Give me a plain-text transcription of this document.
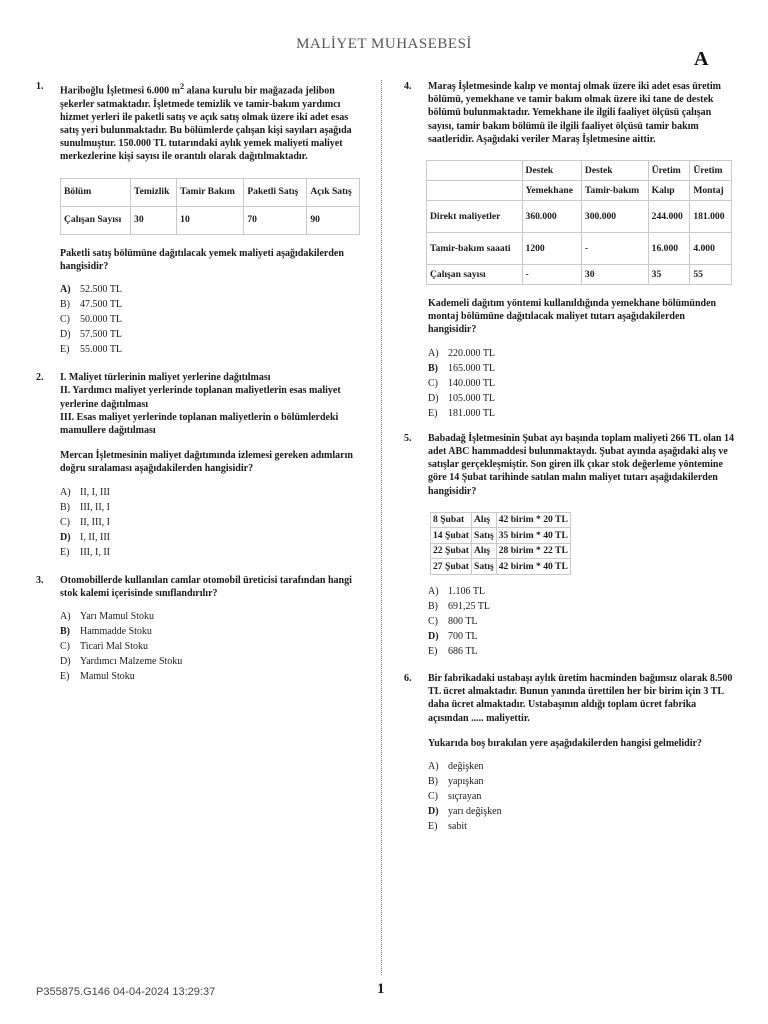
MALİYET MUHASEBESİ
A
1. Hariboğlu İşletmesi 6.000 $m^2$ alana kurulu bir mağazada jelibon şekerler satmaktadır. İşletmede temizlik ve tamir-bakım yardımcı hizmet yerleri ile paketli satış ve açık satış olmak üzere iki adet esas satış yeri bulunmaktadır. Bu bölümlerde çalışan kişi sayıları aşağıda sunulmuştur. 150.000 TL tutarındaki aylık yemek maliyeti maliyet merkezlerine kişi sayısı ile orantılı olarak dağıtılmaktadır.
Bölüm	Temizlik	Tamir Bakım	Paketli Satış	Açık Satış
Çalışan Sayısı	30	10	70	90
Paketli satış bölümüne dağıtılacak yemek maliyeti aşağıdakilerden hangisidir?
A) 52.500 TL
B)	47.500 TL
C)	50.000 TL
D) 57.500 TL
E)	55.000 TL
2. I. Maliyet türlerinin maliyet yerlerine dağıtılması
II. Yardımcı maliyet yerlerinde toplanan maliyetlerin esas maliyet yerlerine dağıtılması
III. Esas maliyet yerlerinde toplanan maliyetlerin o bölümlerdeki mamullere dağıtılması
Mercan İşletmesinin maliyet dağıtımında izlemesi gereken adımların doğru sıralaması aşağıdakilerden hangisidir?
A) II, I, III
B)	III, II, I
C)	II, III, I
D) I, II, III
E)	III, I, II
3. Otomobillerde kullanılan camlar otomobil üreticisi tarafından hangi stok kalemi içerisinde sınıflandırılır?
A) Yarı Mamul Stoku
B)	Hammadde Stoku
C)	Ticari Mal Stoku
D) Yardımcı Malzeme Stoku
E)	Mamul Stoku
4. Maraş İşletmesinde kalıp ve montaj olmak üzere iki adet esas üretim bölümü, yemekhane ve tamir bakım olmak üzere iki tane de destek bölümü bulunmaktadır. Yemekhane ile ilgili faaliyet ölçüsü çalışan sayısı, tamir bakım bölümü ile ilgili faaliyet ölçüsü tamir bakım saatleridir. Aşağıdaki veriler Maraş İşletmesine aittir.
	Destek	Destek	Üretim	Üretim
	Yemekhane	Tamir-bakım	Kalıp	Montaj
Direkt maliyetler	360.000	300.000	244.000	181.000
Tamir-bakım saaati	1200	-	16.000	4.000
Çalışan sayısı	-	30	35	55
Kademeli dağıtım yöntemi kullanıldığında yemekhane bölümünden montaj bölümüne dağıtılacak maliyet tutarı aşağıdakilerden hangisidir?
A) 220.000 TL
B)	165.000 TL
C)	140.000 TL
D) 105.000 TL
E)	181.000 TL
5. Babadağ İşletmesinin Şubat ayı başında toplam maliyeti 266 TL olan 14 adet ABC hammaddesi bulunmaktaydı. Şubat ayında aşağıdaki alış ve satışlar gerçekleşmiştir. Son giren ilk çıkar stok değerleme yöntemine göre 14 Şubat tarihinde satılan malın maliyet tutarı aşağıdakilerden hangisidir?
8 Şubat	Alış	42 birim * 20 TL
14 Şubat	Satış	35 birim * 40 TL
22 Şubat	Alış	28 birim * 22 TL
27 Şubat	Satış	42 birim * 40 TL
A) 1.106 TL
B)	691,25 TL
C)	800 TL
D) 700 TL
E)	686 TL
6. Bir fabrikadaki ustabaşı aylık üretim hacminden bağımsız olarak 8.500 TL ücret almaktadır. Bunun yanında ürettilen her bir birim için 3 TL daha ücret almaktadır. Ustabaşının aldığı toplam ücret fabrika açısından ..... maliyettir.
Yukarıda boş bırakılan yere aşağıdakilerden hangisi gelmelidir?
A) değişken
B)	yapışkan
C)	sıçrayan
D) yarı değişken
E)	sabit
P355875.G146 04-04-2024 13:29:37	1
